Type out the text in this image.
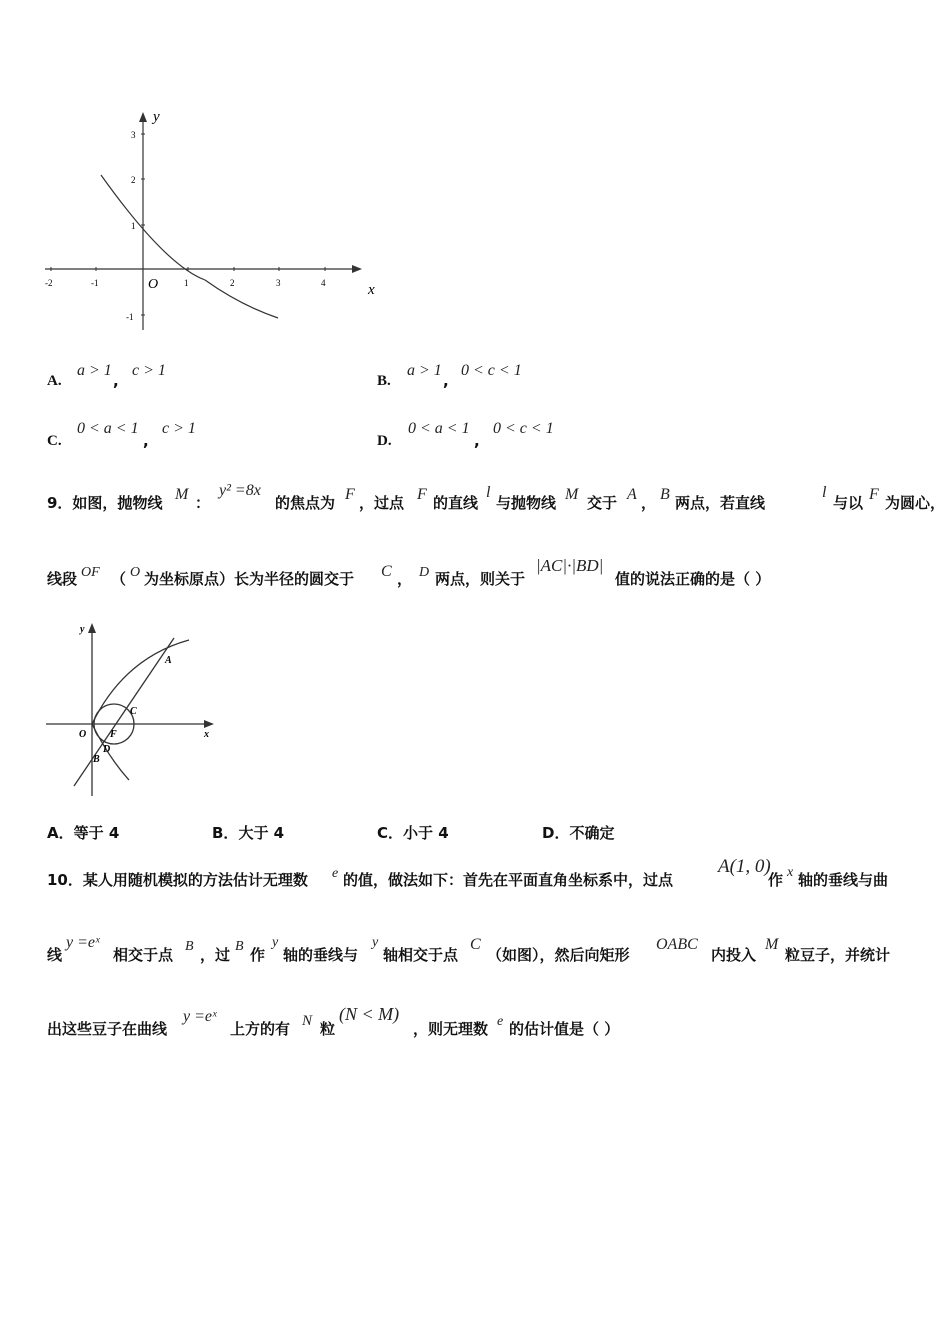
y
x
O
-2	-1	1	2	3	4
3
2
1
-1
A.
a > 1
,
c > 1
B.
a > 1
,
0 < c < 1
C.
0 < a < 1
,
c > 1
D.
0 < a < 1
,
0 < c < 1
9．如图，抛物线 M ：
y² =8x
的焦点为 F ，过点 F 的直线
l
与抛物线 M 交于 A ， B 两点，若直线
l
与以 F 为圆心，
线段 OF （ O 为坐标原点）长为半径的圆交于 C ， D 两点，则关于
|AC|·|BD|
值的说法正确的是（ ）
y
x
O F
A
B
C
D
A．等于 4	B．大于 4	C．小于 4	D．不确定
10．某人用随机模拟的方法估计无理数 e 的值，做法如下：首先在平面直角坐标系中，过点
A(1, 0)
作 x 轴的垂线与曲
线
y =eˣ
相交于点 B ，过 B 作
y
轴的垂线与
y
轴相交于点
C
（如图），然后向矩形
OABC
内投入
M
粒豆子，并统计
出这些豆子在曲线
y =eˣ
上方的有 N 粒
(N < M)
，则无理数 e 的估计值是（ ）
